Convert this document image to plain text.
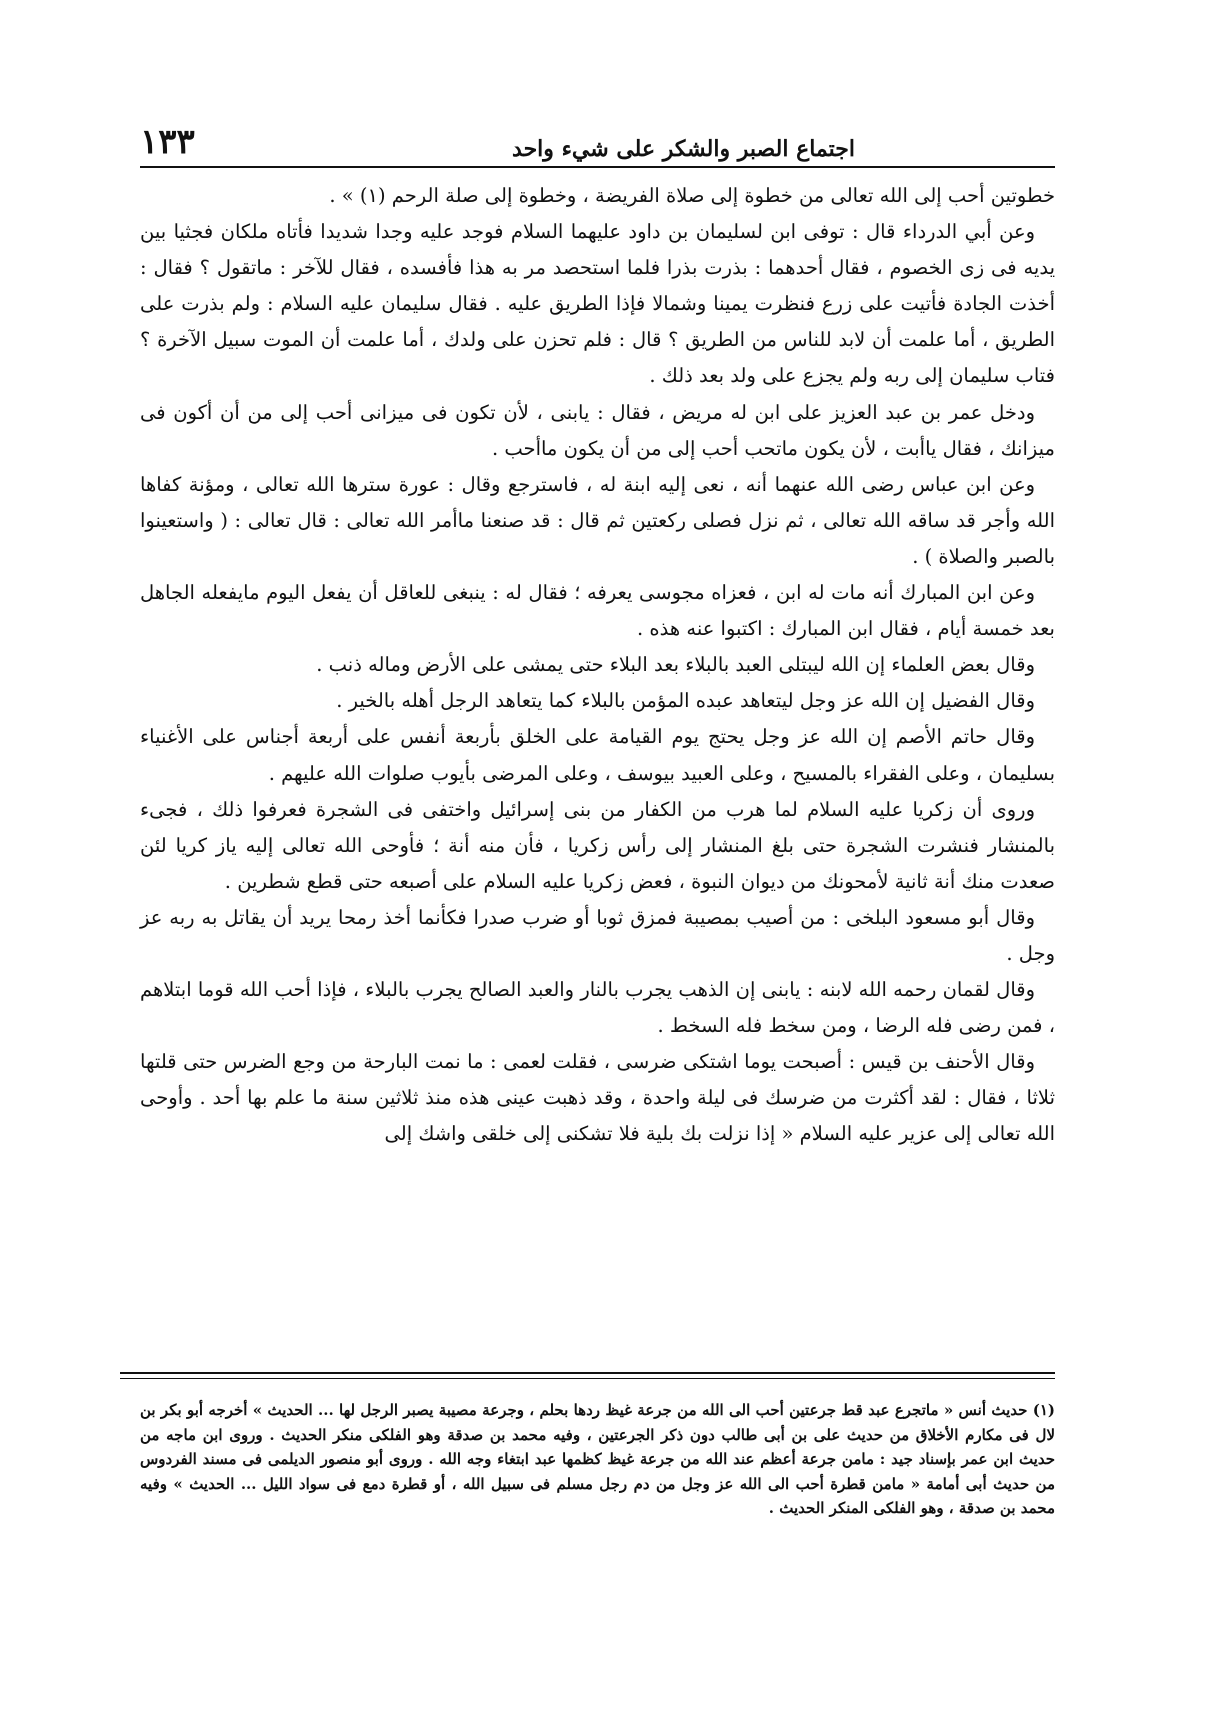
اجتماع الصبر والشكر على شيء واحد
١٣٣

خطوتين أحب إلى الله تعالى من خطوة إلى صلاة الفريضة ، وخطوة إلى صلة الرحم (١) » .

وعن أبي الدرداء قال : توفى ابن لسليمان بن داود عليهما السلام فوجد عليه وجدا شديدا فأتاه ملكان فجثيا بين يديه فى زى الخصوم ، فقال أحدهما : بذرت بذرا فلما استحصد مر به هذا فأفسده ، فقال للآخر : ماتقول ؟ فقال : أخذت الجادة فأتيت على زرع فنظرت يمينا وشمالا فإذا الطريق عليه . فقال سليمان عليه السلام : ولم بذرت على الطريق ، أما علمت أن لابد للناس من الطريق ؟ قال : فلم تحزن على ولدك ، أما علمت أن الموت سبيل الآخرة ؟ فتاب سليمان إلى ربه ولم يجزع على ولد بعد ذلك .

ودخل عمر بن عبد العزيز على ابن له مريض ، فقال : يابنى ، لأن تكون فى ميزانى أحب إلى من أن أكون فى ميزانك ، فقال ياأبت ، لأن يكون ماتحب أحب إلى من أن يكون ماأحب .

وعن ابن عباس رضى الله عنهما أنه ، نعى إليه ابنة له ، فاسترجع وقال : عورة سترها الله تعالى ، ومؤنة كفاها الله وأجر قد ساقه الله تعالى ، ثم نزل فصلى ركعتين ثم قال : قد صنعنا ماأمر الله تعالى : قال تعالى : ( واستعينوا بالصبر والصلاة ) .

وعن ابن المبارك أنه مات له ابن ، فعزاه مجوسى يعرفه ؛ فقال له : ينبغى للعاقل أن يفعل اليوم مايفعله الجاهل بعد خمسة أيام ، فقال ابن المبارك : اكتبوا عنه هذه .

وقال بعض العلماء إن الله ليبتلى العبد بالبلاء بعد البلاء حتى يمشى على الأرض وماله ذنب .

وقال الفضيل إن الله عز وجل ليتعاهد عبده المؤمن بالبلاء كما يتعاهد الرجل أهله بالخير .

وقال حاتم الأصم إن الله عز وجل يحتج يوم القيامة على الخلق بأربعة أنفس على أربعة أجناس على الأغنياء بسليمان ، وعلى الفقراء بالمسيح ، وعلى العبيد بيوسف ، وعلى المرضى بأيوب صلوات الله عليهم .

وروى أن زكريا عليه السلام لما هرب من الكفار من بنى إسرائيل واختفى فى الشجرة فعرفوا ذلك ، فجىء بالمنشار فنشرت الشجرة حتى بلغ المنشار إلى رأس زكريا ، فأن منه أنة ؛ فأوحى الله تعالى إليه ياز كريا لئن صعدت منك أنة ثانية لأمحونك من ديوان النبوة ، فعض زكريا عليه السلام على أصبعه حتى قطع شطرين .

وقال أبو مسعود البلخى : من أصيب بمصيبة فمزق ثوبا أو ضرب صدرا فكأنما أخذ رمحا يريد أن يقاتل به ربه عز وجل .

وقال لقمان رحمه الله لابنه : يابنى إن الذهب يجرب بالنار والعبد الصالح يجرب بالبلاء ، فإذا أحب الله قوما ابتلاهم ، فمن رضى فله الرضا ، ومن سخط فله السخط .

وقال الأحنف بن قيس : أصبحت يوما اشتكى ضرسى ، فقلت لعمى : ما نمت البارحة من وجع الضرس حتى قلتها ثلاثا ، فقال : لقد أكثرت من ضرسك فى ليلة واحدة ، وقد ذهبت عينى هذه منذ ثلاثين سنة ما علم بها أحد . وأوحى الله تعالى إلى عزير عليه السلام « إذا نزلت بك بلية فلا تشكنى إلى خلقى واشك إلى

(١) حديث أنس « ماتجرع عبد قط جرعتين أحب الى الله من جرعة غيظ ردها بحلم ، وجرعة مصيبة يصبر الرجل لها ... الحديث » أخرجه أبو بكر بن لال فى مكارم الأخلاق من حديث على بن أبى طالب دون ذكر الجرعتين ، وفيه محمد بن صدقة وهو الفلكى منكر الحديث . وروى ابن ماجه من حديث ابن عمر بإسناد جيد : مامن جرعة أعظم عند الله من جرعة غيظ كظمها عبد ابتغاء وجه الله . وروى أبو منصور الديلمى فى مسند الفردوس من حديث أبى أمامة « مامن قطرة أحب الى الله عز وجل من دم رجل مسلم فى سبيل الله ، أو قطرة دمع فى سواد الليل ... الحديث » وفيه محمد بن صدقة ، وهو الفلكى المنكر الحديث .
